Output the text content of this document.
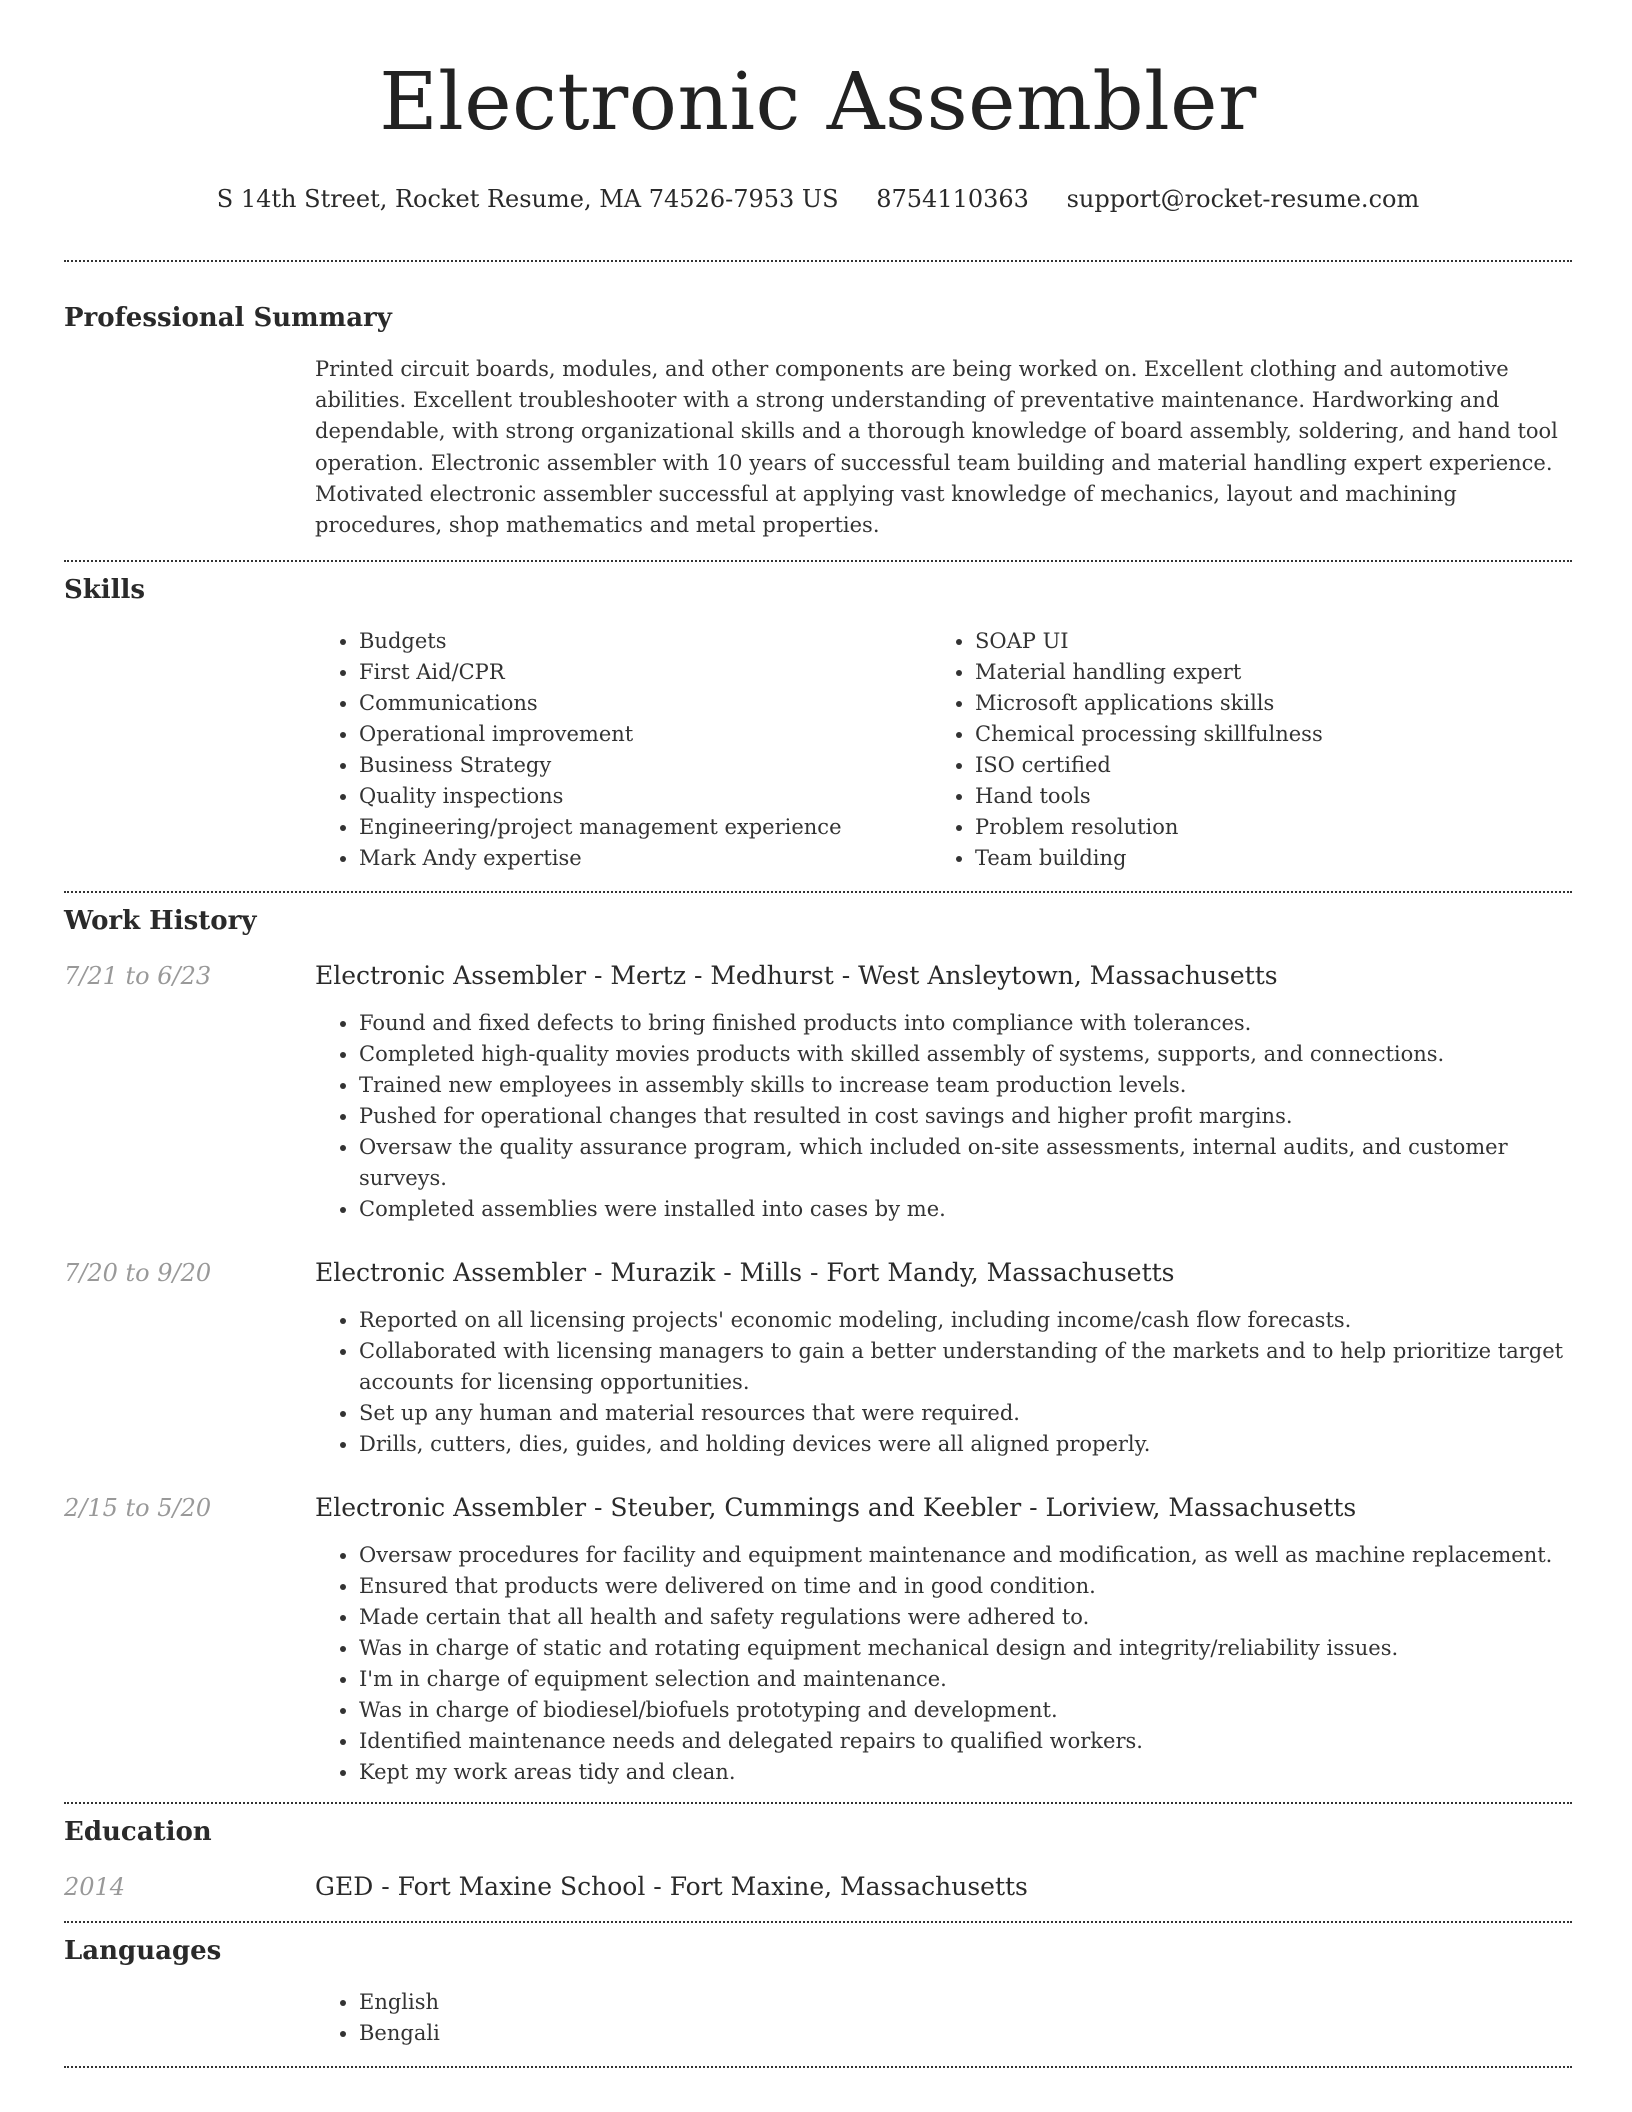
Electronic Assembler
S 14th Street, Rocket Resume, MA 74526-7953 US 8754110363 support@rocket-resume.com
Professional Summary
Printed circuit boards, modules, and other components are being worked on. Excellent clothing and automotive abilities. Excellent troubleshooter with a strong understanding of preventative maintenance. Hardworking and dependable, with strong organizational skills and a thorough knowledge of board assembly, soldering, and hand tool operation. Electronic assembler with 10 years of successful team building and material handling expert experience. Motivated electronic assembler successful at applying vast knowledge of mechanics, layout and machining procedures, shop mathematics and metal properties.
Skills
• Budgets
• First Aid/CPR
• Communications
• Operational improvement
• Business Strategy
• Quality inspections
• Engineering/project management experience
• Mark Andy expertise
• SOAP UI
• Material handling expert
• Microsoft applications skills
• Chemical processing skillfulness
• ISO certified
• Hand tools
• Problem resolution
• Team building
Work History
7/21 to 6/23	Electronic Assembler - Mertz - Medhurst - West Ansleytown, Massachusetts
• Found and fixed defects to bring finished products into compliance with tolerances.
• Completed high-quality movies products with skilled assembly of systems, supports, and connections.
• Trained new employees in assembly skills to increase team production levels.
• Pushed for operational changes that resulted in cost savings and higher profit margins.
• Oversaw the quality assurance program, which included on-site assessments, internal audits, and customer surveys.
• Completed assemblies were installed into cases by me.
7/20 to 9/20	Electronic Assembler - Murazik - Mills - Fort Mandy, Massachusetts
• Reported on all licensing projects' economic modeling, including income/cash flow forecasts.
• Collaborated with licensing managers to gain a better understanding of the markets and to help prioritize target accounts for licensing opportunities.
• Set up any human and material resources that were required.
• Drills, cutters, dies, guides, and holding devices were all aligned properly.
2/15 to 5/20	Electronic Assembler - Steuber, Cummings and Keebler - Loriview, Massachusetts
• Oversaw procedures for facility and equipment maintenance and modification, as well as machine replacement.
• Ensured that products were delivered on time and in good condition.
• Made certain that all health and safety regulations were adhered to.
• Was in charge of static and rotating equipment mechanical design and integrity/reliability issues.
• I'm in charge of equipment selection and maintenance.
• Was in charge of biodiesel/biofuels prototyping and development.
• Identified maintenance needs and delegated repairs to qualified workers.
• Kept my work areas tidy and clean.
Education
2014	GED - Fort Maxine School - Fort Maxine, Massachusetts
Languages
• English
• Bengali
